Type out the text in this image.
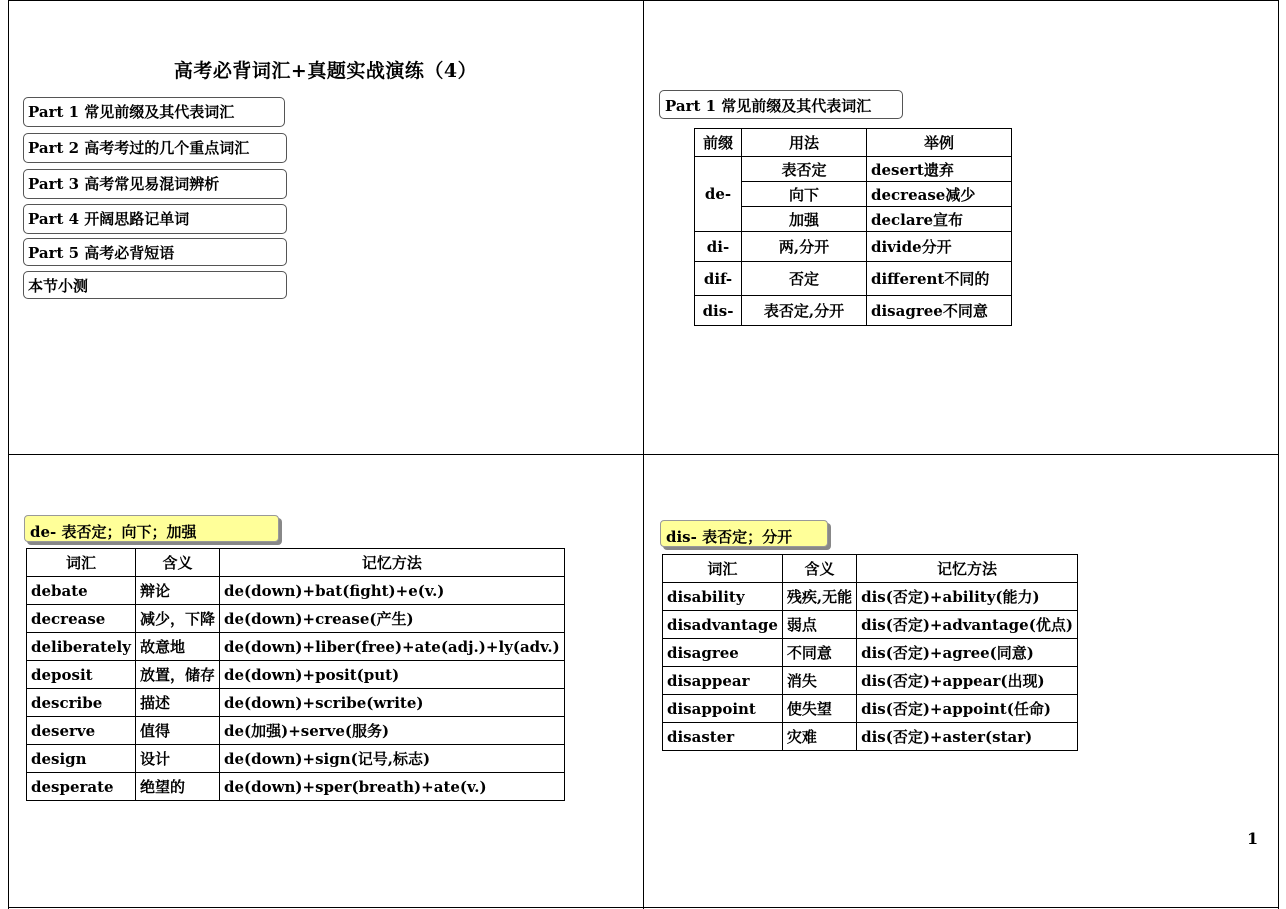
高考必背词汇+真题实战演练（4）
Part 1 常见前缀及其代表词汇
Part 2 高考考过的几个重点词汇
Part 3 高考常见易混词辨析
Part 4 开阔思路记单词
Part 5 高考必背短语
本节小测
Part 1 常见前缀及其代表词汇
前缀	用法	举例
de-	表否定	desert遗弃
	向下	decrease减少
	加强	declare宣布
di-	两,分开	divide分开
dif-	否定	different不同的
dis-	表否定,分开	disagree不同意
de- 表否定；向下；加强
词汇	含义	记忆方法
debate	辩论	de(down)+bat(fight)+e(v.)
decrease	减少，下降	de(down)+crease(产生)
deliberately	故意地	de(down)+liber(free)+ate(adj.)+ly(adv.)
deposit	放置，储存	de(down)+posit(put)
describe	描述	de(down)+scribe(write)
deserve	值得	de(加强)+serve(服务)
design	设计	de(down)+sign(记号,标志)
desperate	绝望的	de(down)+sper(breath)+ate(v.)
dis- 表否定；分开
词汇	含义	记忆方法
disability	残疾,无能	dis(否定)+ability(能力)
disadvantage	弱点	dis(否定)+advantage(优点)
disagree	不同意	dis(否定)+agree(同意)
disappear	消失	dis(否定)+appear(出现)
disappoint	使失望	dis(否定)+appoint(任命)
disaster	灾难	dis(否定)+aster(star)
1
